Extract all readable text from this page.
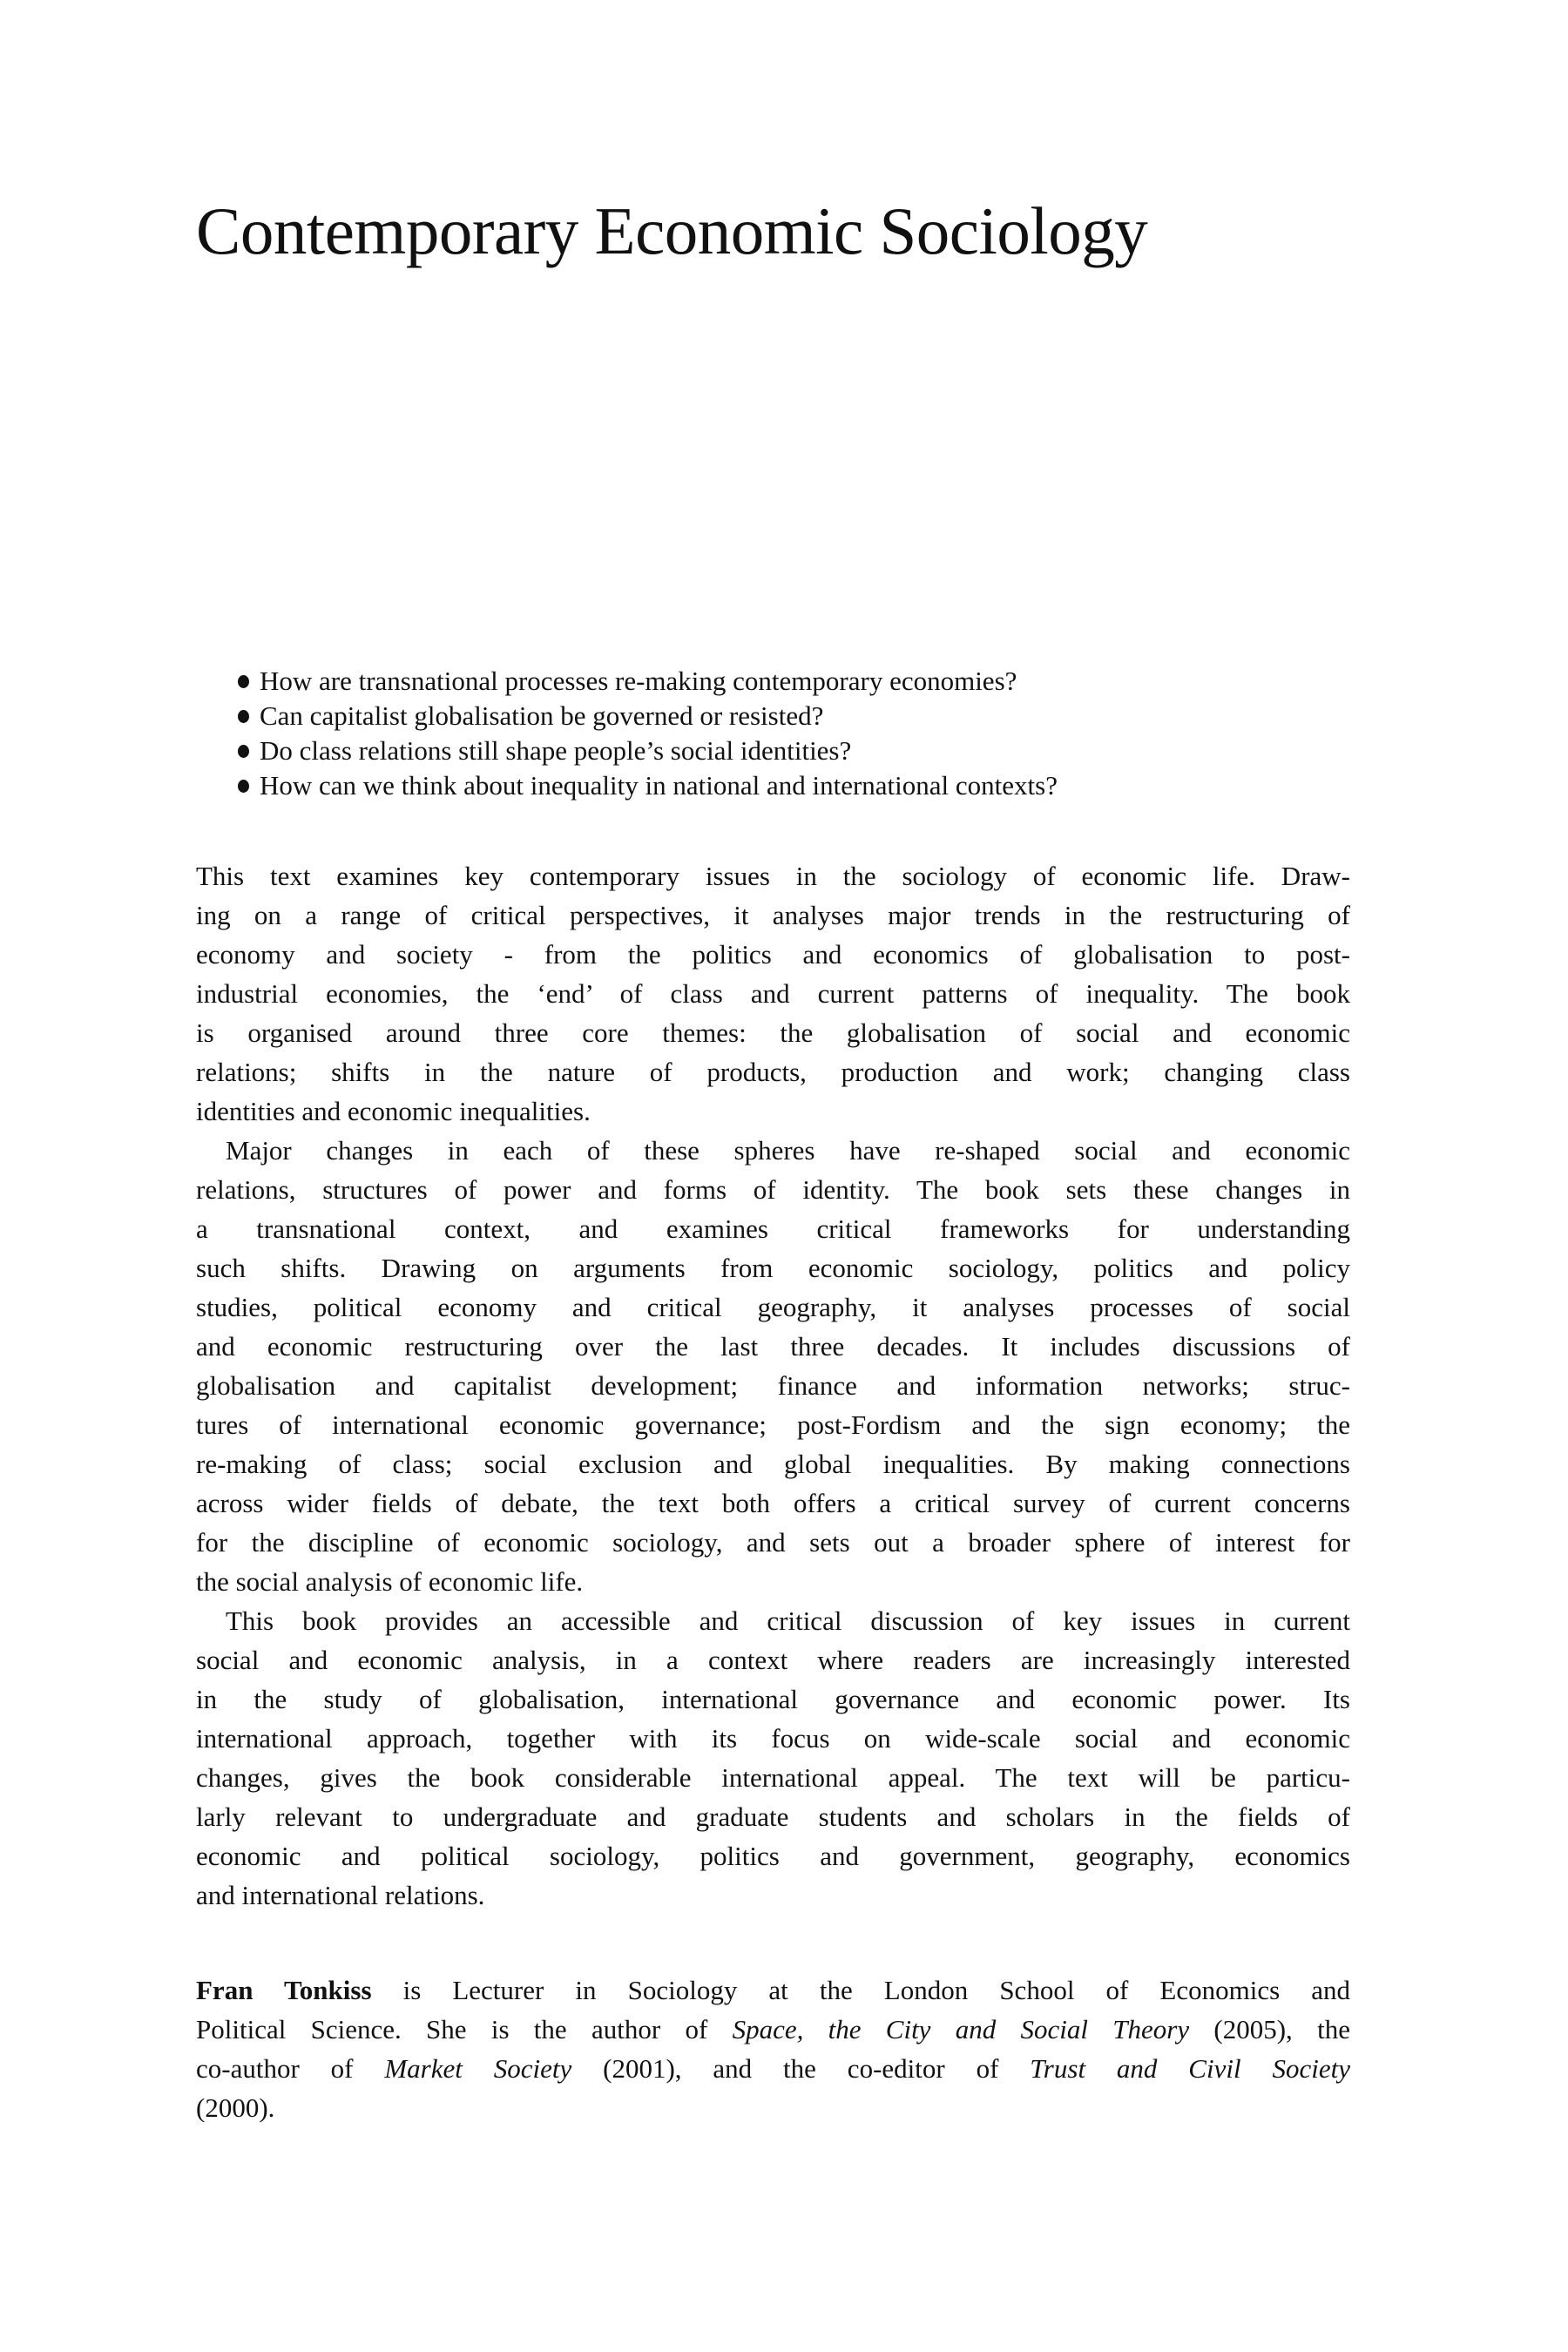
Contemporary Economic Sociology
How are transnational processes re-making contemporary economies?
Can capitalist globalisation be governed or resisted?
Do class relations still shape people’s social identities?
How can we think about inequality in national and international contexts?
This text examines key contemporary issues in the sociology of economic life. Draw-
ing on a range of critical perspectives, it analyses major trends in the restructuring of
economy and society - from the politics and economics of globalisation to post-
industrial economies, the ‘end’ of class and current patterns of inequality. The book
is organised around three core themes: the globalisation of social and economic
relations; shifts in the nature of products, production and work; changing class
identities and economic inequalities.
Major changes in each of these spheres have re-shaped social and economic
relations, structures of power and forms of identity. The book sets these changes in
a transnational context, and examines critical frameworks for understanding
such shifts. Drawing on arguments from economic sociology, politics and policy
studies, political economy and critical geography, it analyses processes of social
and economic restructuring over the last three decades. It includes discussions of
globalisation and capitalist development; finance and information networks; struc-
tures of international economic governance; post-Fordism and the sign economy; the
re-making of class; social exclusion and global inequalities. By making connections
across wider fields of debate, the text both offers a critical survey of current concerns
for the discipline of economic sociology, and sets out a broader sphere of interest for
the social analysis of economic life.
This book provides an accessible and critical discussion of key issues in current
social and economic analysis, in a context where readers are increasingly interested
in the study of globalisation, international governance and economic power. Its
international approach, together with its focus on wide-scale social and economic
changes, gives the book considerable international appeal. The text will be particu-
larly relevant to undergraduate and graduate students and scholars in the fields of
economic and political sociology, politics and government, geography, economics
and international relations.
Fran Tonkiss is Lecturer in Sociology at the London School of Economics and
Political Science. She is the author of Space, the City and Social Theory (2005), the
co-author of Market Society (2001), and the co-editor of Trust and Civil Society
(2000).
